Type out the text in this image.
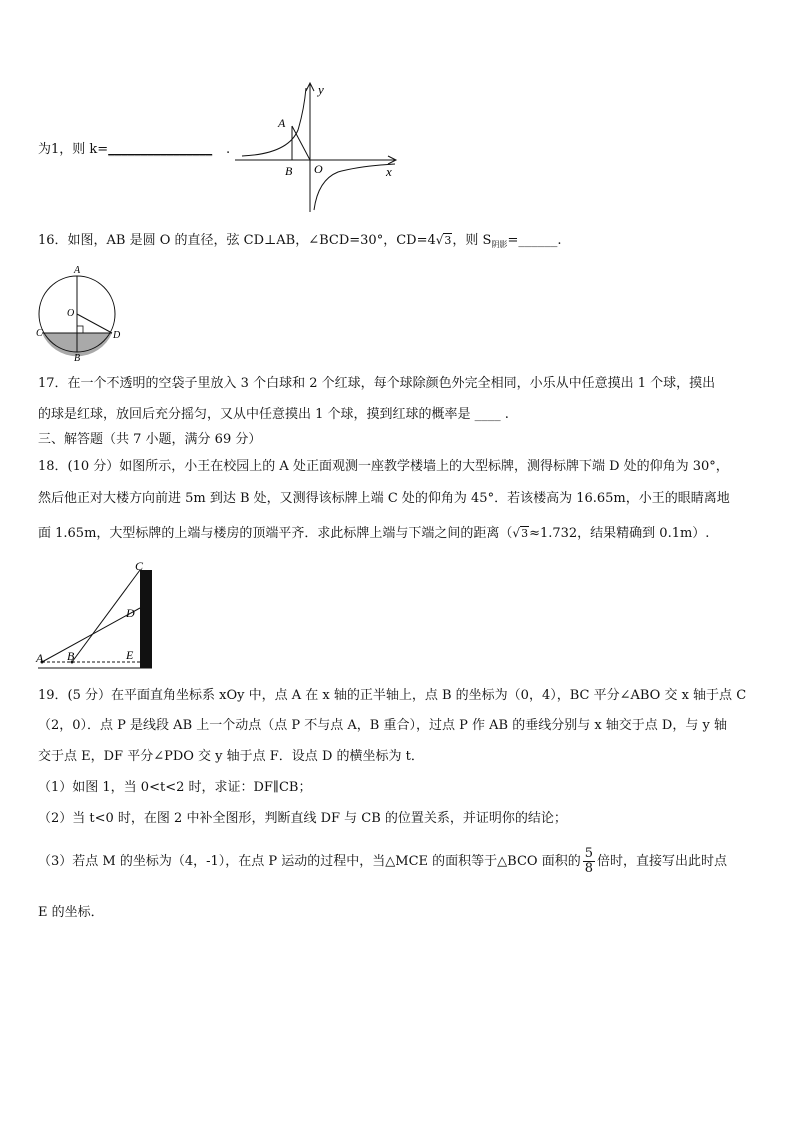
为1，则 k=________________ .
y
x
A
B O
16．如图，AB 是圆 O 的直径，弦 CD⊥AB，∠BCD=30°，CD=4√3，则 $S_{阴影}=\_\_\_\_\_\_$.
A
O
C	D
B
17．在一个不透明的空袋子里放入 3 个白球和 2 个红球，每个球除颜色外完全相同，小乐从中任意摸出 1 个球，摸出
的球是红球，放回后充分摇匀，又从中任意摸出 1 个球，摸到红球的概率是 ____ .
三、解答题（共 7 小题，满分 69 分）
18．(10 分）如图所示，小王在校园上的 A 处正面观测一座教学楼墙上的大型标牌，测得标牌下端 D 处的仰角为 30°，
然后他正对大楼方向前进 5m 到达 B 处，又测得该标牌上端 C 处的仰角为 45°．若该楼高为 16.65m，小王的眼睛离地
面 1.65m，大型标牌的上端与楼房的顶端平齐．求此标牌上端与下端之间的距离（√3≈1.732，结果精确到 0.1m）.
C
D
A B	E
19．(5 分）在平面直角坐标系 xOy 中，点 A 在 x 轴的正半轴上，点 B 的坐标为（0，4），BC 平分∠ABO 交 x 轴于点 C
（2，0）．点 P 是线段 AB 上一个动点（点 P 不与点 A，B 重合），过点 P 作 AB 的垂线分别与 x 轴交于点 D，与 y 轴
交于点 E，DF 平分∠PDO 交 y 轴于点 F．设点 D 的横坐标为 t．
（1）如图 1，当 0<t<2 时，求证：DF∥CB；
（2）当 t<0 时，在图 2 中补全图形，判断直线 DF 与 CB 的位置关系，并证明你的结论；
（3）若点 M 的坐标为（4，-1），在点 P 运动的过程中，当△MCE 的面积等于△BCO 面积的 $\frac{5}{8}$ 倍时，直接写出此时点
E 的坐标．
